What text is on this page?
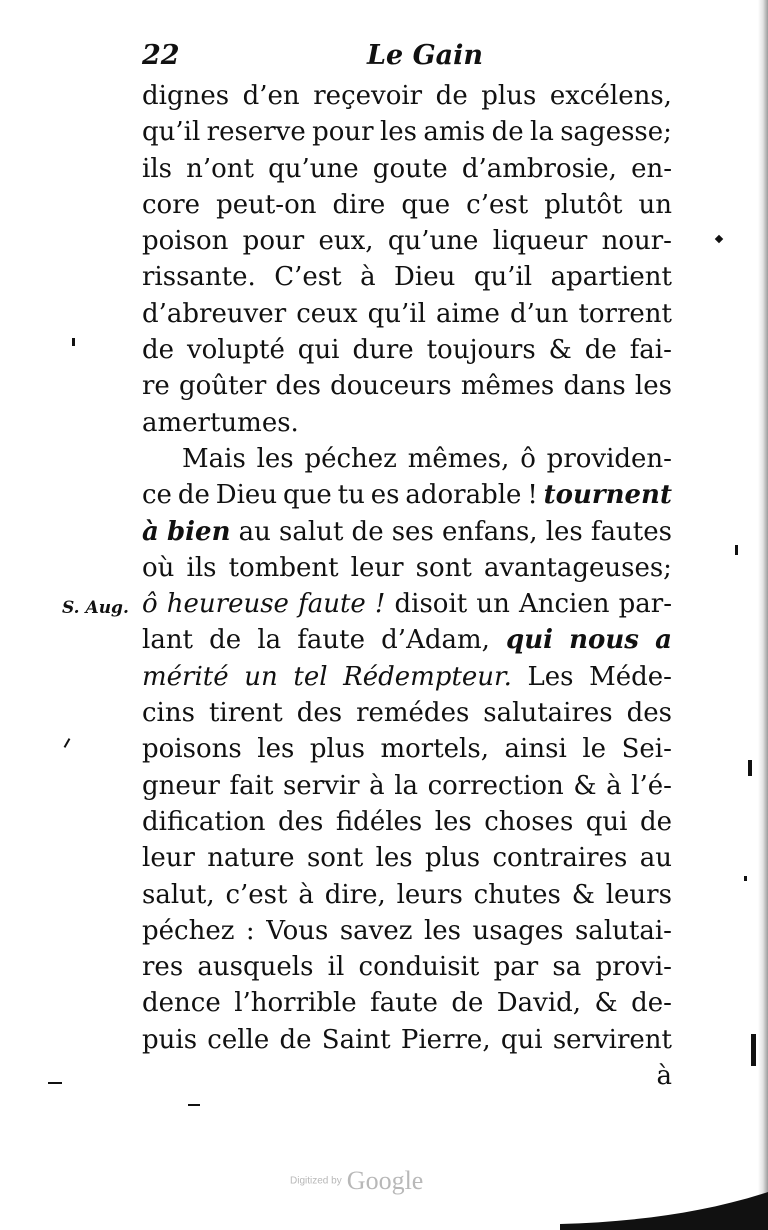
22	Le Gain
dignes d’en reçevoir de plus excélens,
qu’il reserve pour les amis de la sagesse;
ils n’ont qu’une goute d’ambrosie, en-
core peut-on dire que c’est plutôt un
poison pour eux, qu’une liqueur nour-
rissante. C’est à Dieu qu’il apartient
d’abreuver ceux qu’il aime d’un torrent
de volupté qui dure toujours & de fai-
re goûter des douceurs mêmes dans les
amertumes.
Mais les péchez mêmes, ô providen-
ce de Dieu que tu es adorable ! tournent
à bien au salut de ses enfans, les fautes
où ils tombent leur sont avantageuses;
ô heureuse faute ! disoit un Ancien par-
lant de la faute d’Adam, qui nous a
mérité un tel Rédempteur. Les Méde-
cins tirent des remédes salutaires des
poisons les plus mortels, ainsi le Sei-
gneur fait servir à la correction & à l’é-
dification des fidéles les choses qui de
leur nature sont les plus contraires au
salut, c’est à dire, leurs chutes & leurs
péchez : Vous savez les usages salutai-
res ausquels il conduisit par sa provi-
dence l’horrible faute de David, & de-
puis celle de Saint Pierre, qui servirent
à
S. Aug.
Digitized by Google
